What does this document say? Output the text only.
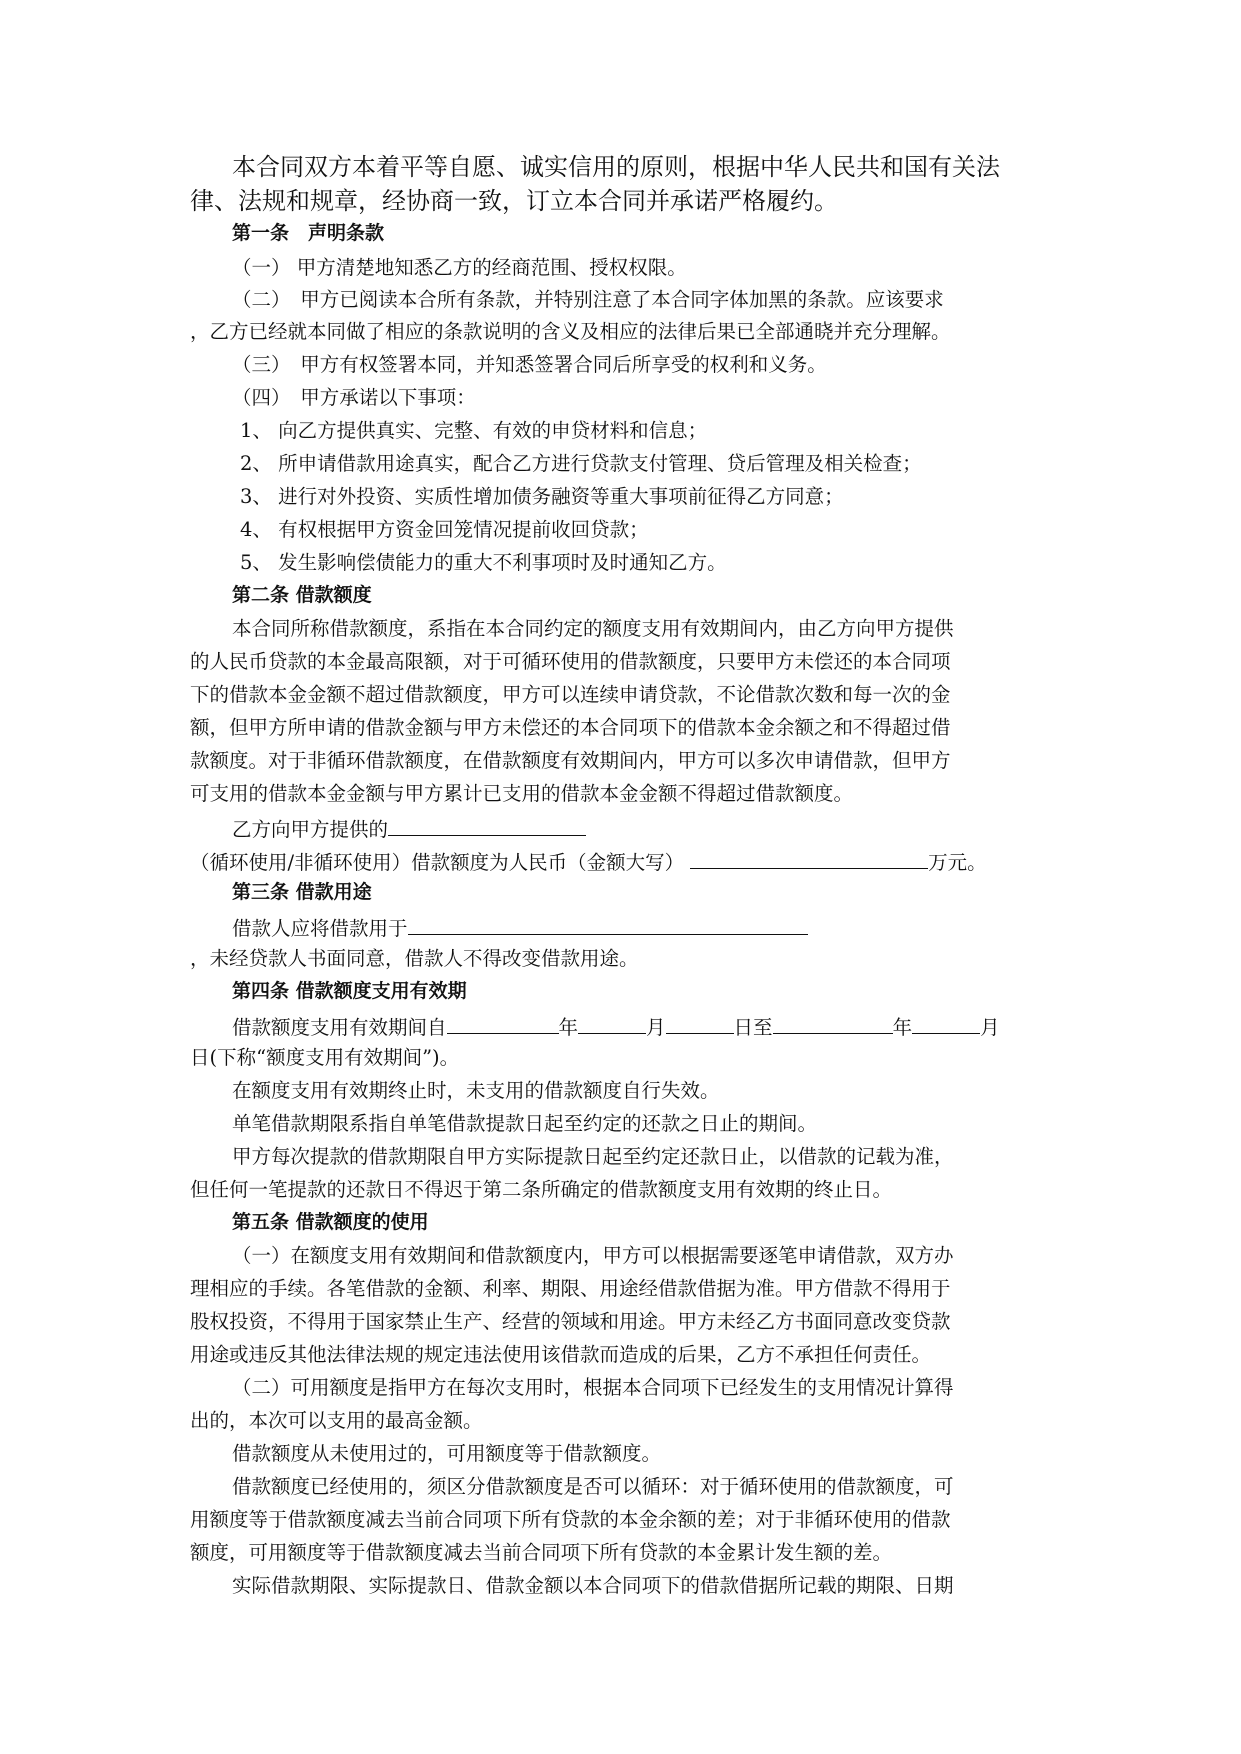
本合同双方本着平等自愿、诚实信用的原则，根据中华人民共和国有关法
律、法规和规章，经协商一致，订立本合同并承诺严格履约。
第一条　声明条款
（一） 甲方清楚地知悉乙方的经商范围、授权权限。
（二）　甲方已阅读本合所有条款，并特别注意了本合同字体加黑的条款。应该要求
，乙方已经就本同做了相应的条款说明的含义及相应的法律后果已全部通晓并充分理解。
（三）　甲方有权签署本同，并知悉签署合同后所享受的权利和义务。
（四）　甲方承诺以下事项：
1、 向乙方提供真实、完整、有效的申贷材料和信息；
2、 所申请借款用途真实，配合乙方进行贷款支付管理、贷后管理及相关检查；
3、 进行对外投资、实质性增加债务融资等重大事项前征得乙方同意；
4、 有权根据甲方资金回笼情况提前收回贷款；
5、 发生影响偿债能力的重大不利事项时及时通知乙方。
第二条 借款额度
本合同所称借款额度，系指在本合同约定的额度支用有效期间内，由乙方向甲方提供
的人民币贷款的本金最高限额，对于可循环使用的借款额度，只要甲方未偿还的本合同项
下的借款本金金额不超过借款额度，甲方可以连续申请贷款，不论借款次数和每一次的金
额，但甲方所申请的借款金额与甲方未偿还的本合同项下的借款本金余额之和不得超过借
款额度。对于非循环借款额度，在借款额度有效期间内，甲方可以多次申请借款，但甲方
可支用的借款本金金额与甲方累计已支用的借款本金金额不得超过借款额度。
乙方向甲方提供的
（循环使用/非循环使用）借款额度为人民币（金额大写）	万元。
第三条 借款用途
借款人应将借款用于
，未经贷款人书面同意，借款人不得改变借款用途。
第四条 借款额度支用有效期
借款额度支用有效期间自	年	月	日至	年	月
日(下称“额度支用有效期间”)。
在额度支用有效期终止时，未支用的借款额度自行失效。
单笔借款期限系指自单笔借款提款日起至约定的还款之日止的期间。
甲方每次提款的借款期限自甲方实际提款日起至约定还款日止，以借款的记载为准，
但任何一笔提款的还款日不得迟于第二条所确定的借款额度支用有效期的终止日。
第五条 借款额度的使用
（一）在额度支用有效期间和借款额度内，甲方可以根据需要逐笔申请借款，双方办
理相应的手续。各笔借款的金额、利率、期限、用途经借款借据为准。甲方借款不得用于
股权投资，不得用于国家禁止生产、经营的领域和用途。甲方未经乙方书面同意改变贷款
用途或违反其他法律法规的规定违法使用该借款而造成的后果，乙方不承担任何责任。
（二）可用额度是指甲方在每次支用时，根据本合同项下已经发生的支用情况计算得
出的，本次可以支用的最高金额。
借款额度从未使用过的，可用额度等于借款额度。
借款额度已经使用的，须区分借款额度是否可以循环：对于循环使用的借款额度，可
用额度等于借款额度减去当前合同项下所有贷款的本金余额的差；对于非循环使用的借款
额度，可用额度等于借款额度减去当前合同项下所有贷款的本金累计发生额的差。
实际借款期限、实际提款日、借款金额以本合同项下的借款借据所记载的期限、日期
